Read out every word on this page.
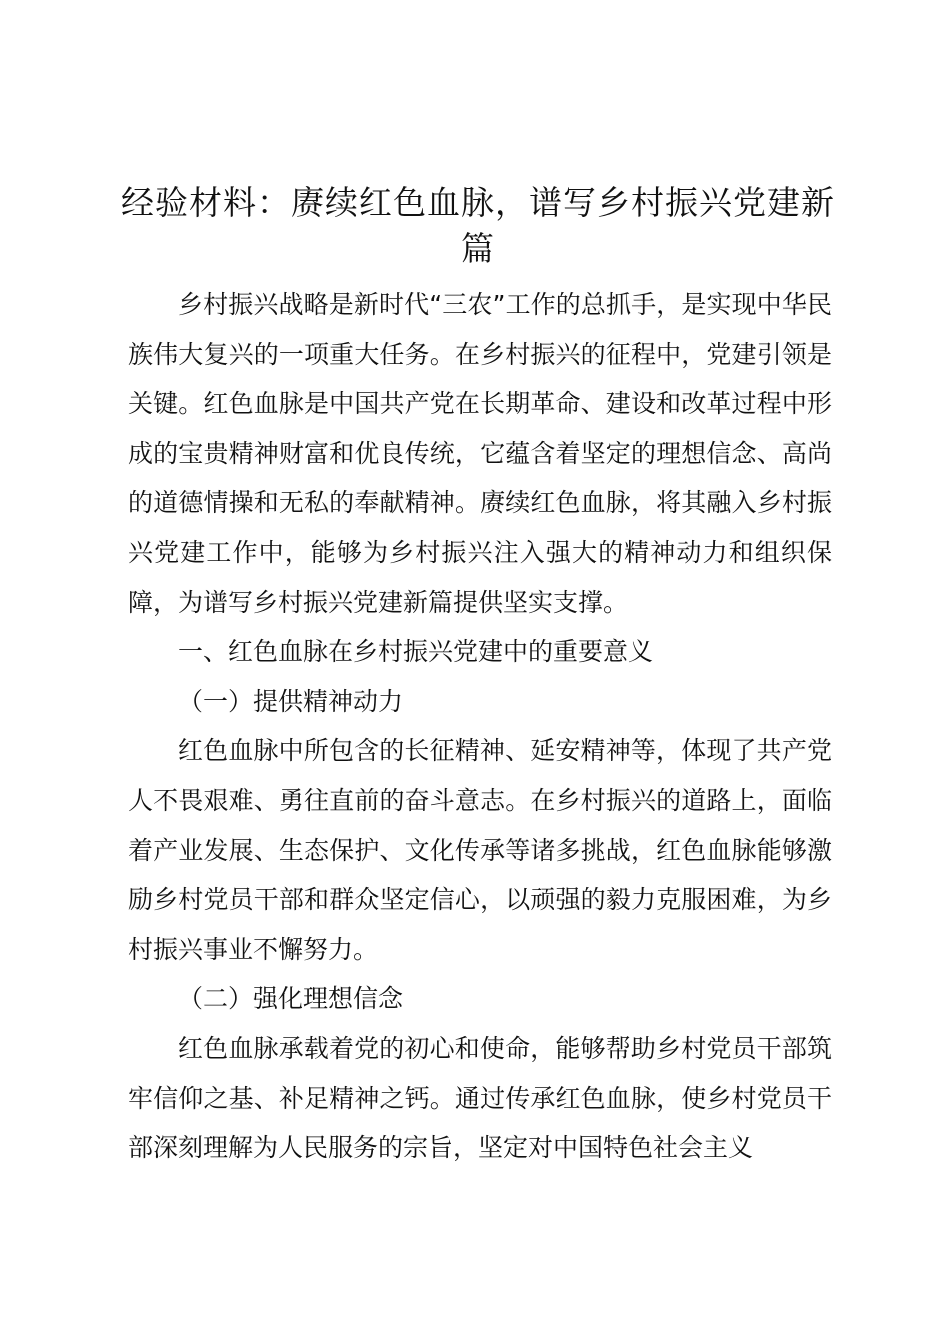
经验材料：赓续红色血脉，谱写乡村振兴党建新篇

乡村振兴战略是新时代“三农”工作的总抓手，是实现中华民族伟大复兴的一项重大任务。在乡村振兴的征程中，党建引领是关键。红色血脉是中国共产党在长期革命、建设和改革过程中形成的宝贵精神财富和优良传统，它蕴含着坚定的理想信念、高尚的道德情操和无私的奉献精神。赓续红色血脉，将其融入乡村振兴党建工作中，能够为乡村振兴注入强大的精神动力和组织保障，为谱写乡村振兴党建新篇提供坚实支撑。

一、红色血脉在乡村振兴党建中的重要意义

（一）提供精神动力

红色血脉中所包含的长征精神、延安精神等，体现了共产党人不畏艰难、勇往直前的奋斗意志。在乡村振兴的道路上，面临着产业发展、生态保护、文化传承等诸多挑战，红色血脉能够激励乡村党员干部和群众坚定信心，以顽强的毅力克服困难，为乡村振兴事业不懈努力。

（二）强化理想信念

红色血脉承载着党的初心和使命，能够帮助乡村党员干部筑牢信仰之基、补足精神之钙。通过传承红色血脉，使乡村党员干部深刻理解为人民服务的宗旨，坚定对中国特色社会主义
